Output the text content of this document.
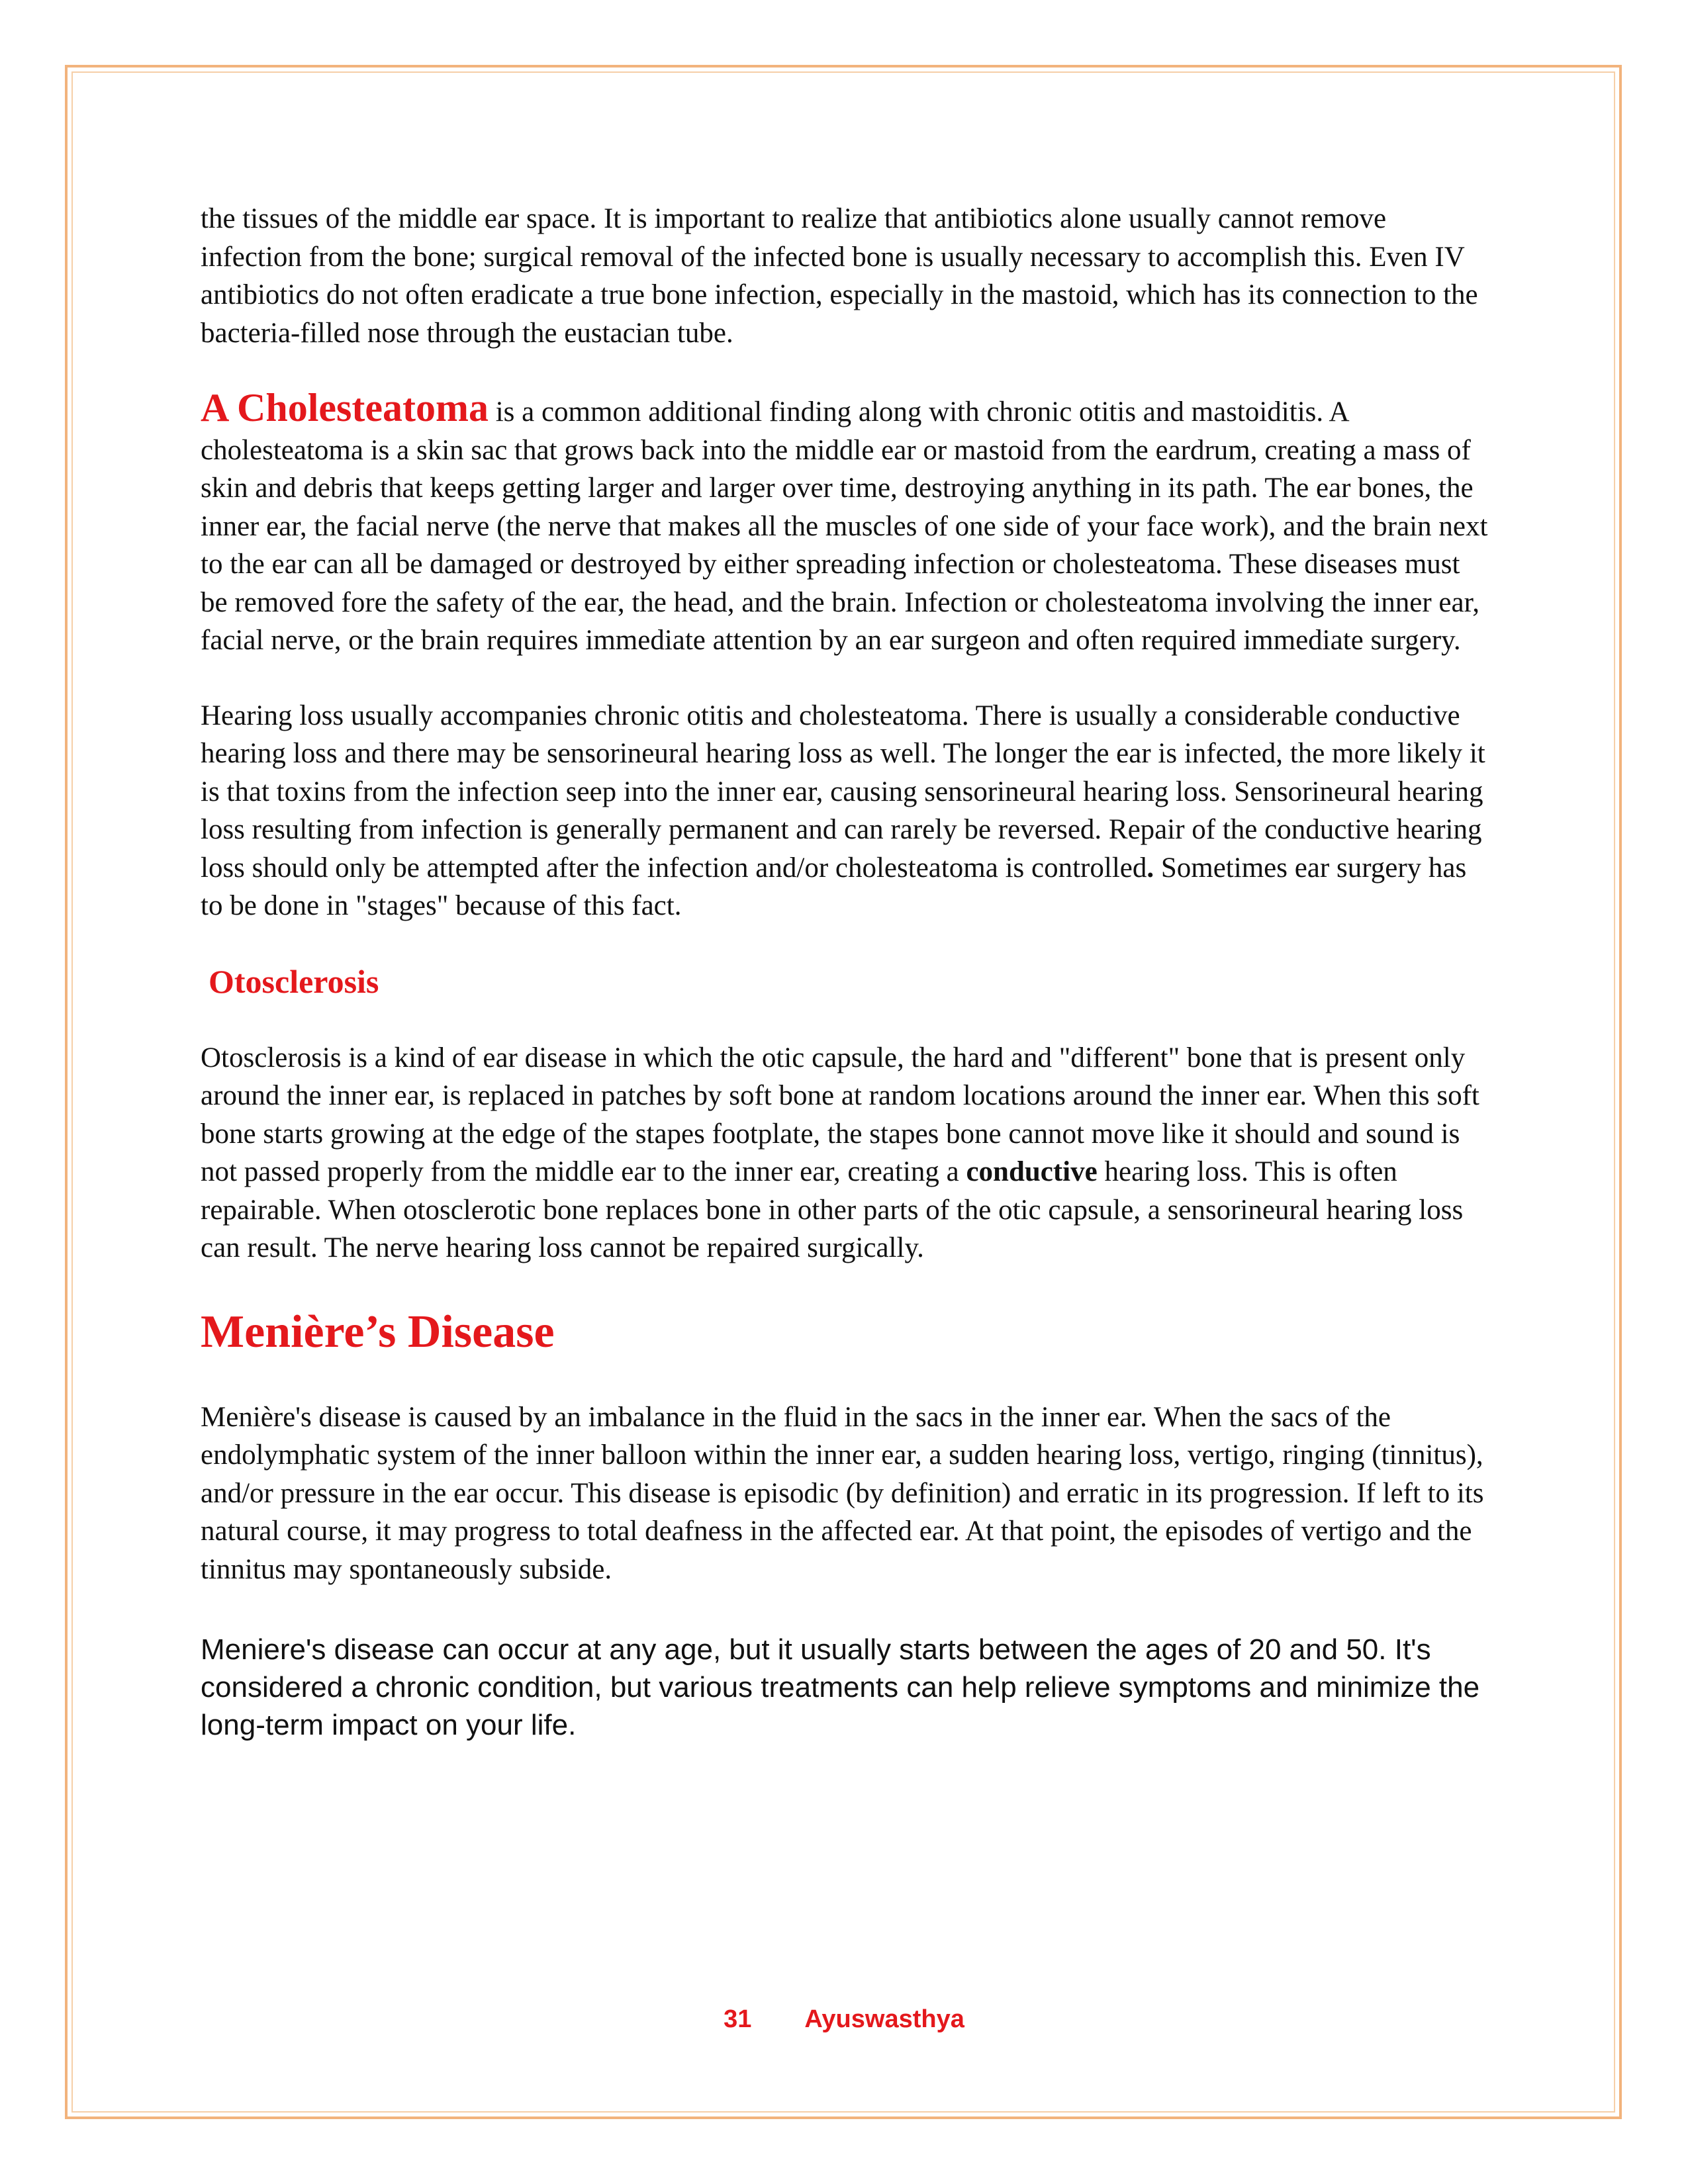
the tissues of the middle ear space. It is important to realize that antibiotics alone usually cannot remove infection from the bone; surgical removal of the infected bone is usually necessary to accomplish this. Even IV antibiotics do not often eradicate a true bone infection, especially in the mastoid, which has its connection to the bacteria-filled nose through the eustacian tube.

A Cholesteatoma is a common additional finding along with chronic otitis and mastoiditis. A cholesteatoma is a skin sac that grows back into the middle ear or mastoid from the eardrum, creating a mass of skin and debris that keeps getting larger and larger over time, destroying anything in its path. The ear bones, the inner ear, the facial nerve (the nerve that makes all the muscles of one side of your face work), and the brain next to the ear can all be damaged or destroyed by either spreading infection or cholesteatoma. These diseases must be removed fore the safety of the ear, the head, and the brain. Infection or cholesteatoma involving the inner ear, facial nerve, or the brain requires immediate attention by an ear surgeon and often required immediate surgery.

Hearing loss usually accompanies chronic otitis and cholesteatoma. There is usually a considerable conductive hearing loss and there may be sensorineural hearing loss as well. The longer the ear is infected, the more likely it is that toxins from the infection seep into the inner ear, causing sensorineural hearing loss. Sensorineural hearing loss resulting from infection is generally permanent and can rarely be reversed. Repair of the conductive hearing loss should only be attempted after the infection and/or cholesteatoma is controlled. Sometimes ear surgery has to be done in "stages" because of this fact.

Otosclerosis

Otosclerosis is a kind of ear disease in which the otic capsule, the hard and "different" bone that is present only around the inner ear, is replaced in patches by soft bone at random locations around the inner ear. When this soft bone starts growing at the edge of the stapes footplate, the stapes bone cannot move like it should and sound is not passed properly from the middle ear to the inner ear, creating a conductive hearing loss. This is often repairable. When otosclerotic bone replaces bone in other parts of the otic capsule, a sensorineural hearing loss can result. The nerve hearing loss cannot be repaired surgically.

Menière’s Disease

Menière's disease is caused by an imbalance in the fluid in the sacs in the inner ear. When the sacs of the endolymphatic system of the inner balloon within the inner ear, a sudden hearing loss, vertigo, ringing (tinnitus), and/or pressure in the ear occur. This disease is episodic (by definition) and erratic in its progression. If left to its natural course, it may progress to total deafness in the affected ear. At that point, the episodes of vertigo and the tinnitus may spontaneously subside.

Meniere's disease can occur at any age, but it usually starts between the ages of 20 and 50. It's considered a chronic condition, but various treatments can help relieve symptoms and minimize the long-term impact on your life.

31 Ayuswasthya
